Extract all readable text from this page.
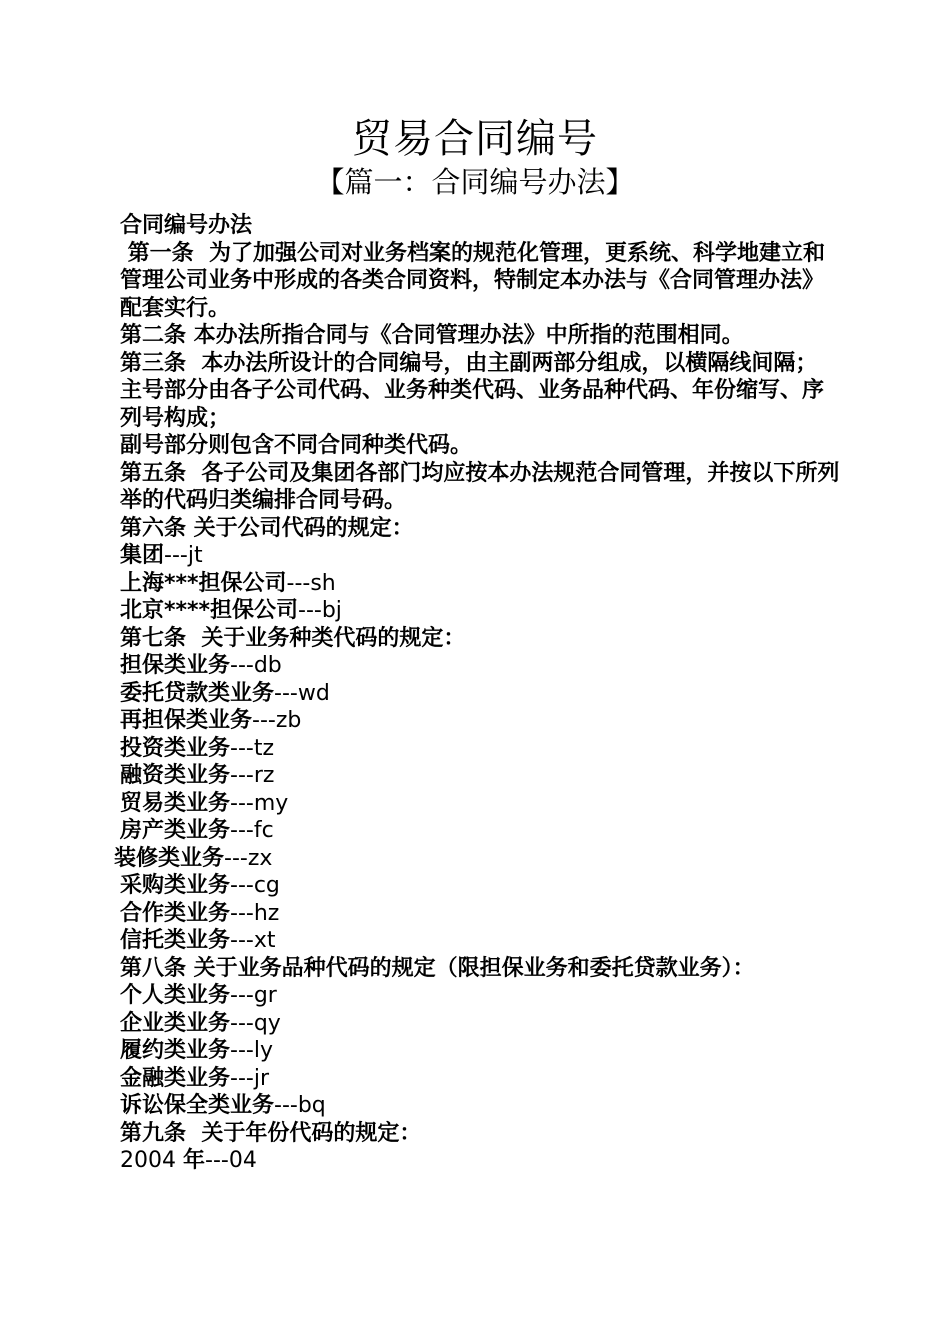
贸易合同编号
【篇一：合同编号办法】
合同编号办法
第一条  为了加强公司对业务档案的规范化管理，更系统、科学地建立和管理公司业务中形成的各类合同资料，特制定本办法与《合同管理办法》配套实行。
第二条 本办法所指合同与《合同管理办法》中所指的范围相同。
第三条  本办法所设计的合同编号，由主副两部分组成，以横隔线间隔；
主号部分由各子公司代码、业务种类代码、业务品种代码、年份缩写、序列号构成；
副号部分则包含不同合同种类代码。
第五条  各子公司及集团各部门均应按本办法规范合同管理，并按以下所列举的代码归类编排合同号码。
第六条 关于公司代码的规定：
集团---jt
上海***担保公司---sh
北京****担保公司---bj
第七条  关于业务种类代码的规定：
担保类业务---db
委托贷款类业务---wd
再担保类业务---zb
投资类业务---tz
融资类业务---rz
贸易类业务---my
房产类业务---fc
装修类业务---zx
采购类业务---cg
合作类业务---hz
信托类业务---xt
第八条 关于业务品种代码的规定（限担保业务和委托贷款业务）：
个人类业务---gr
企业类业务---qy
履约类业务---ly
金融类业务---jr
诉讼保全类业务---bq
第九条  关于年份代码的规定：
2004 年---04
